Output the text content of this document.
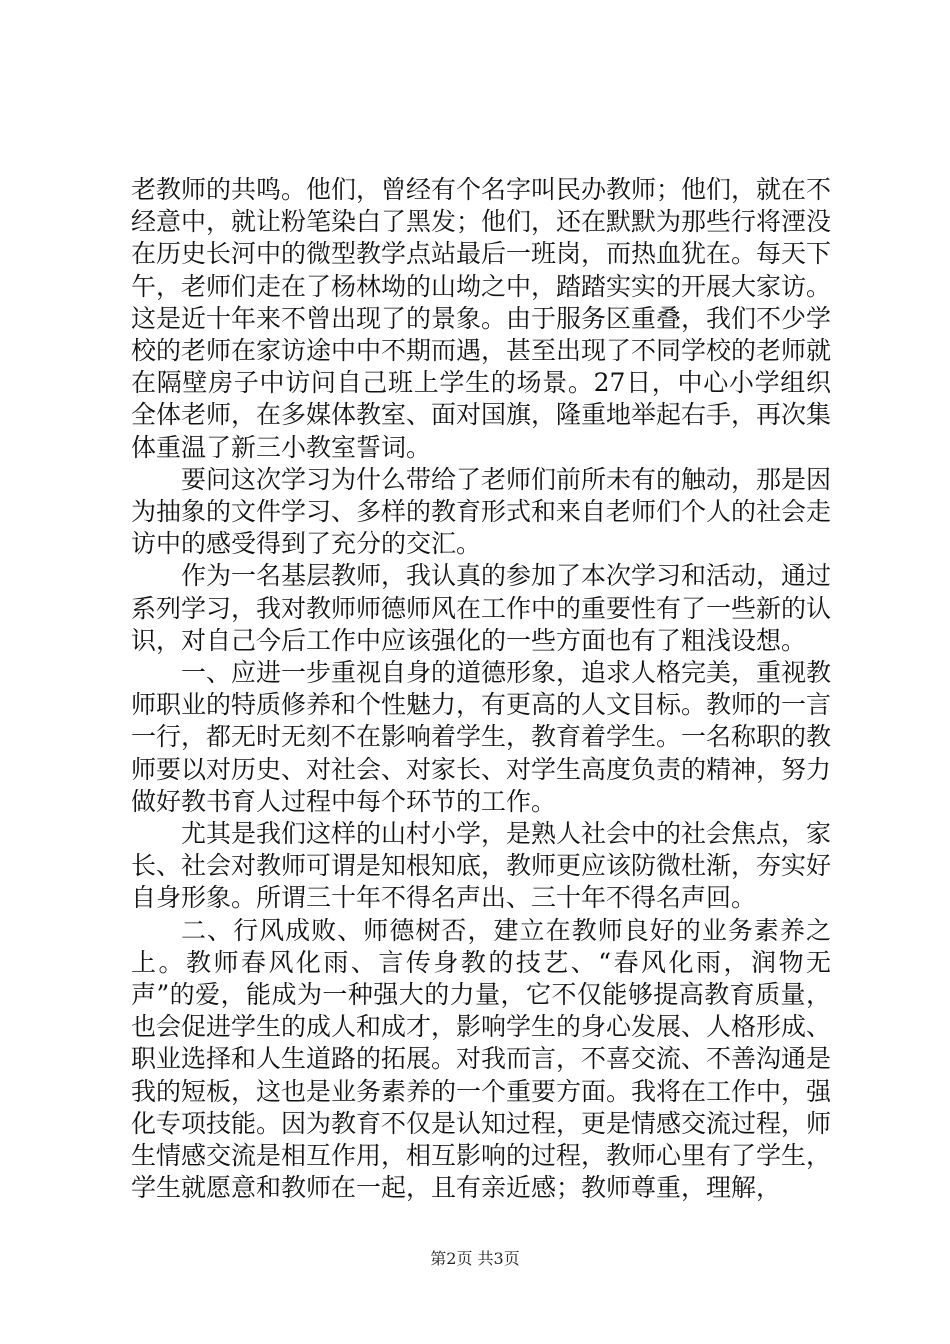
老教师的共鸣。他们，曾经有个名字叫民办教师；他们，就在不经意中，就让粉笔染白了黑发；他们，还在默默为那些行将湮没在历史长河中的微型教学点站最后一班岗，而热血犹在。每天下午，老师们走在了杨林坳的山坳之中，踏踏实实的开展大家访。这是近十年来不曾出现了的景象。由于服务区重叠，我们不少学校的老师在家访途中中不期而遇，甚至出现了不同学校的老师就在隔壁房子中访问自己班上学生的场景。27日，中心小学组织全体老师，在多媒体教室、面对国旗，隆重地举起右手，再次集体重温了新三小教室誓词。

要问这次学习为什么带给了老师们前所未有的触动，那是因为抽象的文件学习、多样的教育形式和来自老师们个人的社会走访中的感受得到了充分的交汇。

作为一名基层教师，我认真的参加了本次学习和活动，通过系列学习，我对教师师德师风在工作中的重要性有了一些新的认识，对自己今后工作中应该强化的一些方面也有了粗浅设想。

一、应进一步重视自身的道德形象，追求人格完美，重视教师职业的特质修养和个性魅力，有更高的人文目标。教师的一言一行，都无时无刻不在影响着学生，教育着学生。一名称职的教师要以对历史、对社会、对家长、对学生高度负责的精神，努力做好教书育人过程中每个环节的工作。

尤其是我们这样的山村小学，是熟人社会中的社会焦点，家长、社会对教师可谓是知根知底，教师更应该防微杜渐，夯实好自身形象。所谓三十年不得名声出、三十年不得名声回。

二、行风成败、师德树否，建立在教师良好的业务素养之上。教师春风化雨、言传身教的技艺、“春风化雨，润物无声”的爱，能成为一种强大的力量，它不仅能够提高教育质量，也会促进学生的成人和成才，影响学生的身心发展、人格形成、职业选择和人生道路的拓展。对我而言，不喜交流、不善沟通是我的短板，这也是业务素养的一个重要方面。我将在工作中，强化专项技能。因为教育不仅是认知过程，更是情感交流过程，师生情感交流是相互作用，相互影响的过程，教师心里有了学生，学生就愿意和教师在一起，且有亲近感；教师尊重，理解，

第2页 共3页
